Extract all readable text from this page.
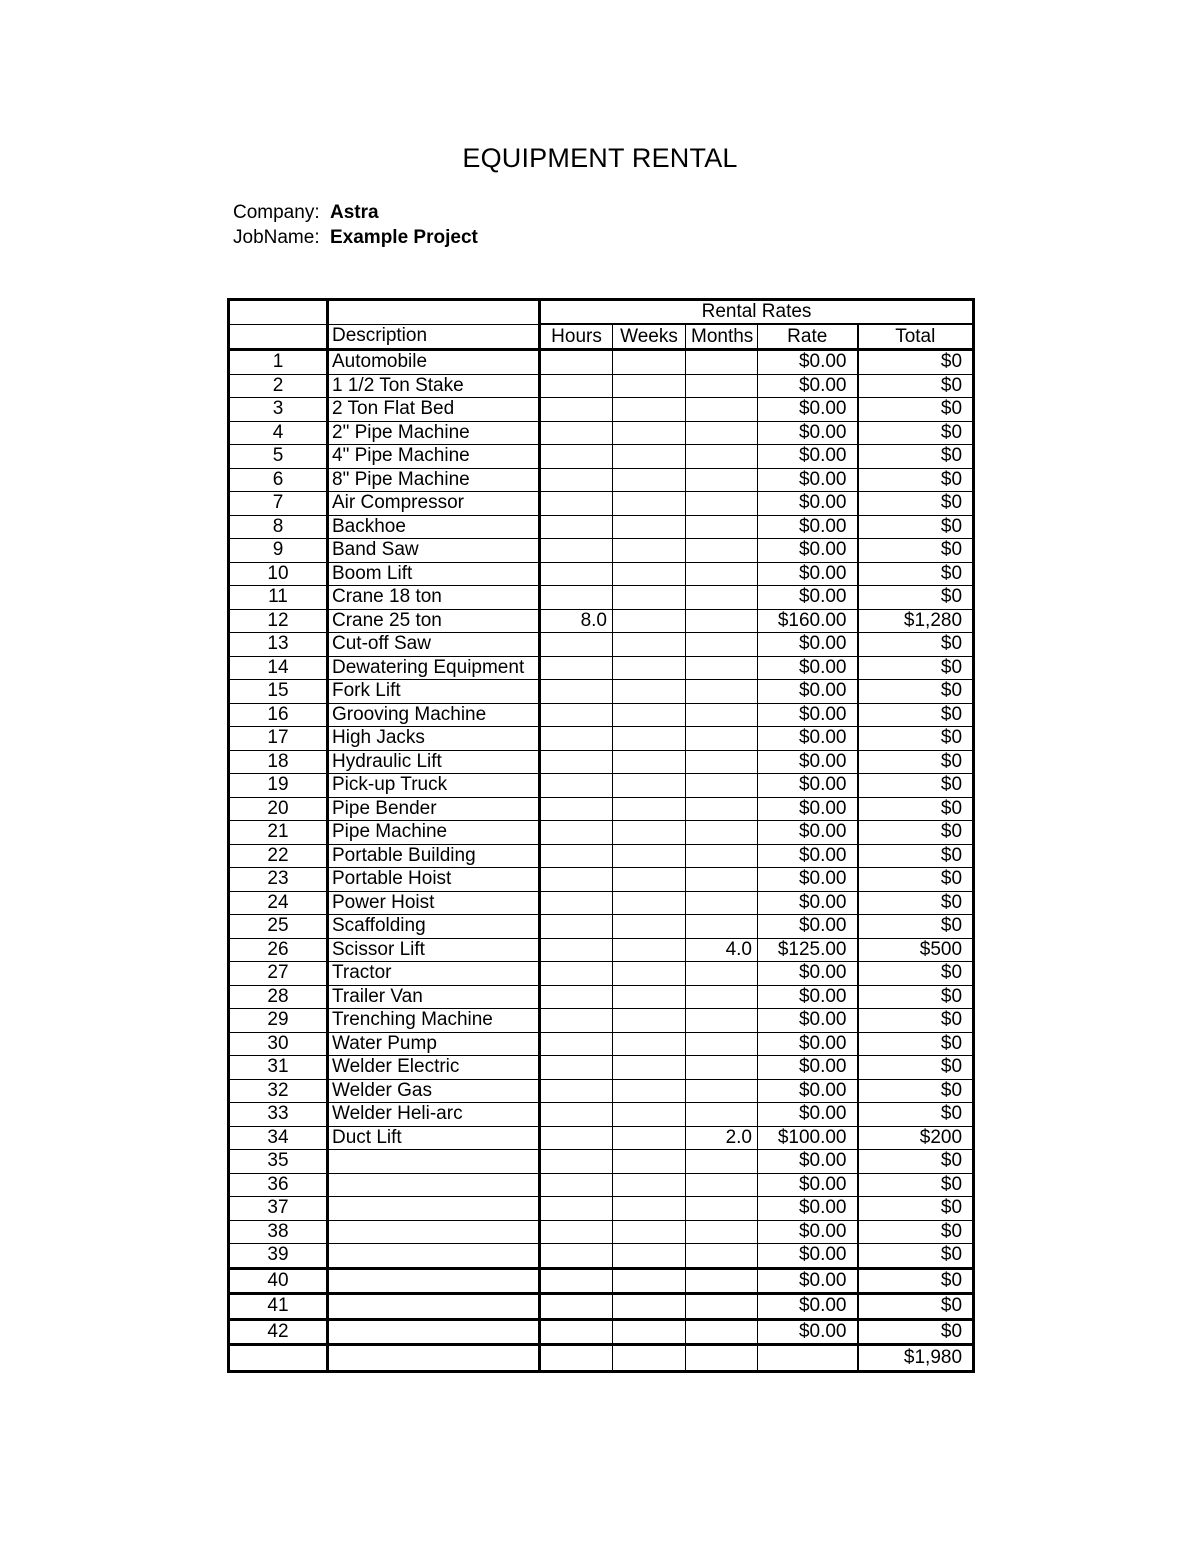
EQUIPMENT RENTAL
Company: Astra
JobName: Example Project
		Rental Rates				
	Description	Hours	Weeks	Months	Rate	Total
1	Automobile				$0.00	$0
2	1 1/2 Ton Stake				$0.00	$0
3	2 Ton Flat Bed				$0.00	$0
4	2" Pipe Machine				$0.00	$0
5	4" Pipe Machine				$0.00	$0
6	8" Pipe Machine				$0.00	$0
7	Air Compressor				$0.00	$0
8	Backhoe				$0.00	$0
9	Band Saw				$0.00	$0
10	Boom Lift				$0.00	$0
11	Crane 18 ton				$0.00	$0
12	Crane 25 ton	8.0			$160.00	$1,280
13	Cut-off Saw				$0.00	$0
14	Dewatering Equipment				$0.00	$0
15	Fork Lift				$0.00	$0
16	Grooving Machine				$0.00	$0
17	High Jacks				$0.00	$0
18	Hydraulic Lift				$0.00	$0
19	Pick-up Truck				$0.00	$0
20	Pipe Bender				$0.00	$0
21	Pipe Machine				$0.00	$0
22	Portable Building				$0.00	$0
23	Portable Hoist				$0.00	$0
24	Power Hoist				$0.00	$0
25	Scaffolding				$0.00	$0
26	Scissor Lift			4.0	$125.00	$500
27	Tractor				$0.00	$0
28	Trailer Van				$0.00	$0
29	Trenching Machine				$0.00	$0
30	Water Pump				$0.00	$0
31	Welder Electric				$0.00	$0
32	Welder Gas				$0.00	$0
33	Welder Heli-arc				$0.00	$0
34	Duct Lift			2.0	$100.00	$200
35					$0.00	$0
36					$0.00	$0
37					$0.00	$0
38					$0.00	$0
39					$0.00	$0
40					$0.00	$0
41					$0.00	$0
42					$0.00	$0
						$1,980
